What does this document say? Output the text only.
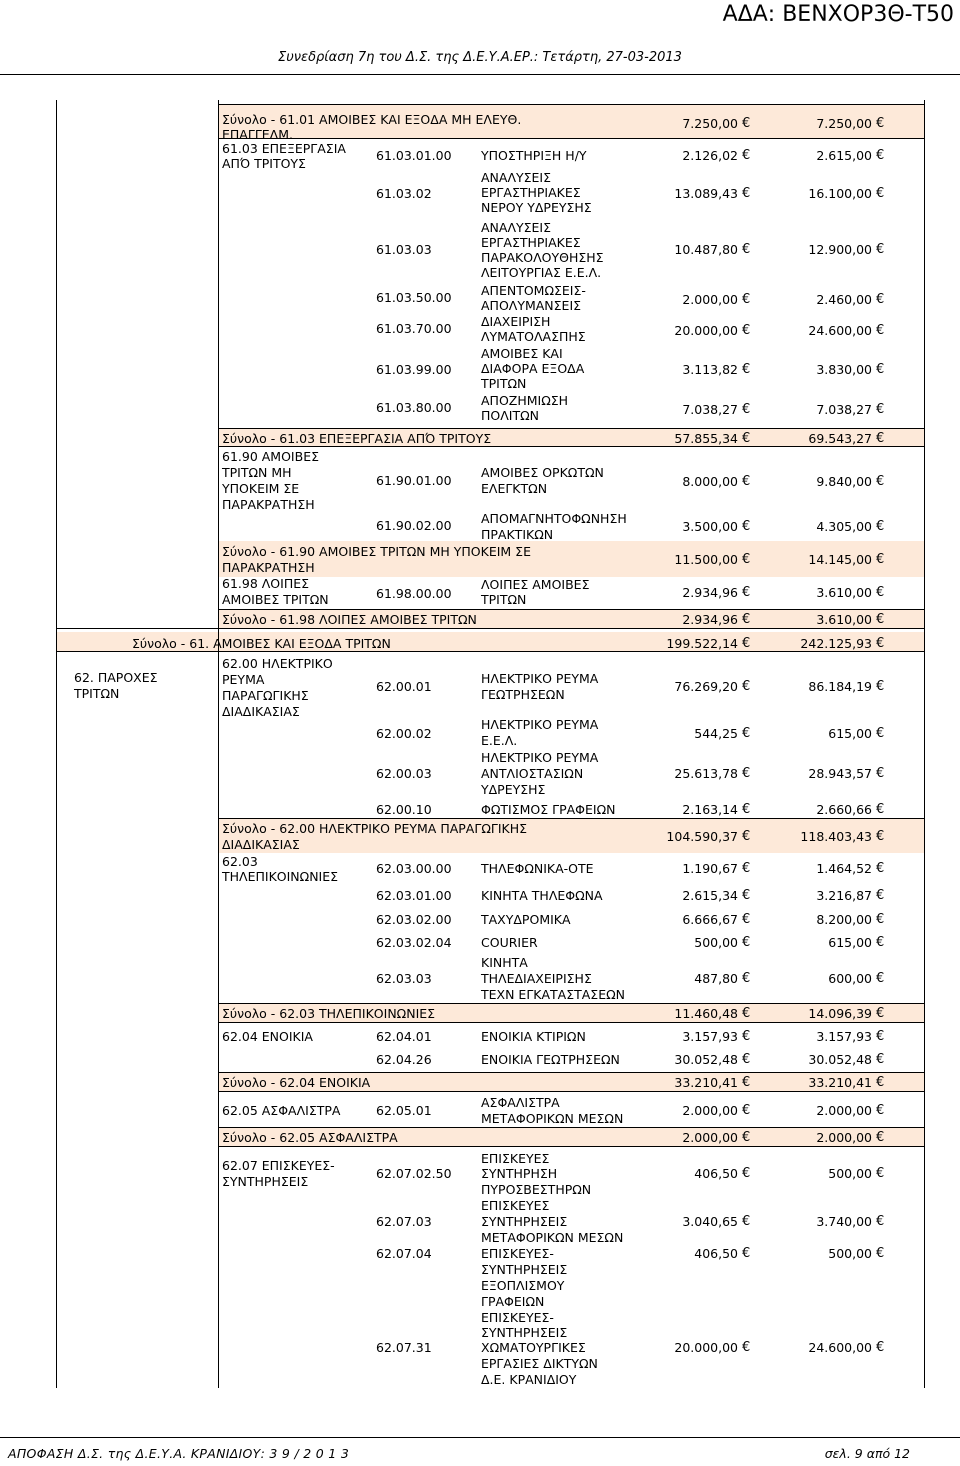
ΑΔΑ: ΒΕΝΧΟΡ3Θ-Τ50
Συνεδρίαση 7η του Δ.Σ. της Δ.Ε.Υ.Α.ΕΡ.: Τετάρτη, 27-03-2013
Σύνολο - 61.01 ΑΜΟΙΒΕΣ ΚΑΙ ΕΞΟΔΑ ΜΗ ΕΛΕΥΘ.
ΕΠΑΓΓΕΛΜ.
7.250,00 €	7.250,00 €
61.03 ΕΠΕΞΕΡΓΑΣΙΑ
ΑΠΌ ΤΡΙΤΟΥΣ
61.03.01.00 ΥΠΟΣΤΗΡΙΞΗ Η/Υ	2.126,02 €	2.615,00 €
61.03.02
ΑΝΑΛΥΣΕΙΣ
ΕΡΓΑΣΤΗΡΙΑΚΕΣ
ΝΕΡΟΥ ΥΔΡΕΥΣΗΣ
13.089,43 €	16.100,00 €
61.03.03
ΑΝΑΛΥΣΕΙΣ
ΕΡΓΑΣΤΗΡΙΑΚΕΣ
ΠΑΡΑΚΟΛΟΥΘΗΣΗΣ
ΛΕΙΤΟΥΡΓΙΑΣ Ε.Ε.Λ.
10.487,80 €	12.900,00 €
61.03.50.00 ΑΠΕΝΤΟΜΩΣΕΙΣ-
ΑΠΟΛΥΜΑΝΣΕΙΣ	2.000,00 €	2.460,00 €
61.03.70.00 ΔΙΑΧΕΙΡΙΣΗ
ΛΥΜΑΤΟΛΑΣΠΗΣ	20.000,00 €	24.600,00 €
61.03.99.00
ΑΜΟΙΒΕΣ ΚΑΙ
ΔΙΑΦΟΡΑ ΕΞΟΔΑ
ΤΡΙΤΩΝ
3.113,82 €	3.830,00 €
61.03.80.00 ΑΠΟΖΗΜΙΩΣΗ
ΠΟΛΙΤΩΝ	7.038,27 €	7.038,27 €
Σύνολο - 61.03 ΕΠΕΞΕΡΓΑΣΙΑ ΑΠΌ ΤΡΙΤΟΥΣ	57.855,34 €	69.543,27 €
61.90 ΑΜΟΙΒΕΣ
ΤΡΙΤΩΝ ΜΗ
ΥΠΟΚΕΙΜ ΣΕ
ΠΑΡΑΚΡΑΤΗΣΗ
61.90.01.00
ΑΜΟΙΒΕΣ ΟΡΚΩΤΩΝ
ΕΛΕΓΚΤΩΝ	8.000,00 €	9.840,00 €
61.90.02.00 ΑΠΟΜΑΓΝΗΤΟΦΩΝΗΣΗ
ΠΡΑΚΤΙΚΩΝ
3.500,00 €	4.305,00 €
Σύνολο - 61.90 ΑΜΟΙΒΕΣ ΤΡΙΤΩΝ ΜΗ ΥΠΟΚΕΙΜ ΣΕ
ΠΑΡΑΚΡΑΤΗΣΗ
11.500,00 €	14.145,00 €
61.98 ΛΟΙΠΕΣ
ΑΜΟΙΒΕΣ ΤΡΙΤΩΝ	61.98.00.00
ΛΟΙΠΕΣ ΑΜΟΙΒΕΣ
ΤΡΙΤΩΝ	2.934,96 €	3.610,00 €
Σύνολο - 61.98 ΛΟΙΠΕΣ ΑΜΟΙΒΕΣ ΤΡΙΤΩΝ	2.934,96 €	3.610,00 €
Σύνολο - 61. ΑΜΟΙΒΕΣ ΚΑΙ ΕΞΟΔΑ ΤΡΙΤΩΝ	199.522,14 €	242.125,93 €
62. ΠΑΡΟΧΕΣ
ΤΡΙΤΩΝ
62.00 ΗΛΕΚΤΡΙΚΟ
ΡΕΥΜΑ
ΠΑΡΑΓΩΓΙΚΗΣ
ΔΙΑΔΙΚΑΣΙΑΣ
62.00.01
ΗΛΕΚΤΡΙΚΟ ΡΕΥΜΑ
ΓΕΩΤΡΗΣΕΩΝ
76.269,20 €	86.184,19 €
62.00.02
ΗΛΕΚΤΡΙΚΟ ΡΕΥΜΑ
Ε.Ε.Λ.	544,25 €	615,00 €
62.00.03
ΗΛΕΚΤΡΙΚΟ ΡΕΥΜΑ
ΑΝΤΛΙΟΣΤΑΣΙΩΝ
ΥΔΡΕΥΣΗΣ
25.613,78 €	28.943,57 €
62.00.10	ΦΩΤΙΣΜΟΣ ΓΡΑΦΕΙΩΝ	2.163,14 €	2.660,66 €
Σύνολο - 62.00 ΗΛΕΚΤΡΙΚΟ ΡΕΥΜΑ ΠΑΡΑΓΩΓΙΚΗΣ
ΔΙΑΔΙΚΑΣΙΑΣ
104.590,37 €	118.403,43 €
62.03
ΤΗΛΕΠΙΚΟΙΝΩΝΙΕΣ
62.03.00.00 ΤΗΛΕΦΩΝΙΚΑ-ΟΤΕ	1.190,67 €	1.464,52 €
62.03.01.00 ΚΙΝΗΤΑ ΤΗΛΕΦΩΝΑ	2.615,34 €	3.216,87 €
62.03.02.00 ΤΑΧΥΔΡΟΜΙΚΑ	6.666,67 €	8.200,00 €
62.03.02.04 COURIER	500,00 €	615,00 €
62.03.03
ΚΙΝΗΤΑ
ΤΗΛΕΔΙΑΧΕΙΡΙΣΗΣ
ΤΕΧΝ ΕΓΚΑΤΑΣΤΑΣΕΩΝ
487,80 €	600,00 €
Σύνολο - 62.03 ΤΗΛΕΠΙΚΟΙΝΩΝΙΕΣ	11.460,48 €	14.096,39 €
62.04 ΕΝΟΙΚΙΑ	62.04.01	ΕΝΟΙΚΙΑ ΚΤΙΡΙΩΝ	3.157,93 €	3.157,93 €
62.04.26	ΕΝΟΙΚΙΑ ΓΕΩΤΡΗΣΕΩΝ	30.052,48 €	30.052,48 €
Σύνολο - 62.04 ΕΝΟΙΚΙΑ	33.210,41 €	33.210,41 €
62.05 ΑΣΦΑΛΙΣΤΡΑ	62.05.01
ΑΣΦΑΛΙΣΤΡΑ
ΜΕΤΑΦΟΡΙΚΩΝ ΜΕΣΩΝ
2.000,00 €	2.000,00 €
Σύνολο - 62.05 ΑΣΦΑΛΙΣΤΡΑ	2.000,00 €	2.000,00 €
62.07 ΕΠΙΣΚΕΥΕΣ-
ΣΥΝΤΗΡΗΣΕΙΣ
62.07.02.50
ΕΠΙΣΚΕΥΕΣ
ΣΥΝΤΗΡΗΣΗ
ΠΥΡΟΣΒΕΣΤΗΡΩΝ
406,50 €	500,00 €
62.07.03
ΕΠΙΣΚΕΥΕΣ
ΣΥΝΤΗΡΗΣΕΙΣ
ΜΕΤΑΦΟΡΙΚΩΝ ΜΕΣΩΝ
3.040,65 €	3.740,00 €
62.07.04	ΕΠΙΣΚΕΥΕΣ-
ΣΥΝΤΗΡΗΣΕΙΣ
ΕΞΟΠΛΙΣΜΟΥ
ΓΡΑΦΕΙΩΝ
406,50 €	500,00 €
62.07.31
ΕΠΙΣΚΕΥΕΣ-
ΣΥΝΤΗΡΗΣΕΙΣ
ΧΩΜΑΤΟΥΡΓΙΚΕΣ
ΕΡΓΑΣΙΕΣ ΔΙΚΤΥΩΝ
Δ.Ε. ΚΡΑΝΙΔΙΟΥ
20.000,00 €	24.600,00 €
ΑΠΟΦΑΣΗ Δ.Σ. της Δ.Ε.Υ.Α. ΚΡΑΝΙΔΙΟΥ: 3 9 / 2 0 1 3	σελ. 9 από 12
